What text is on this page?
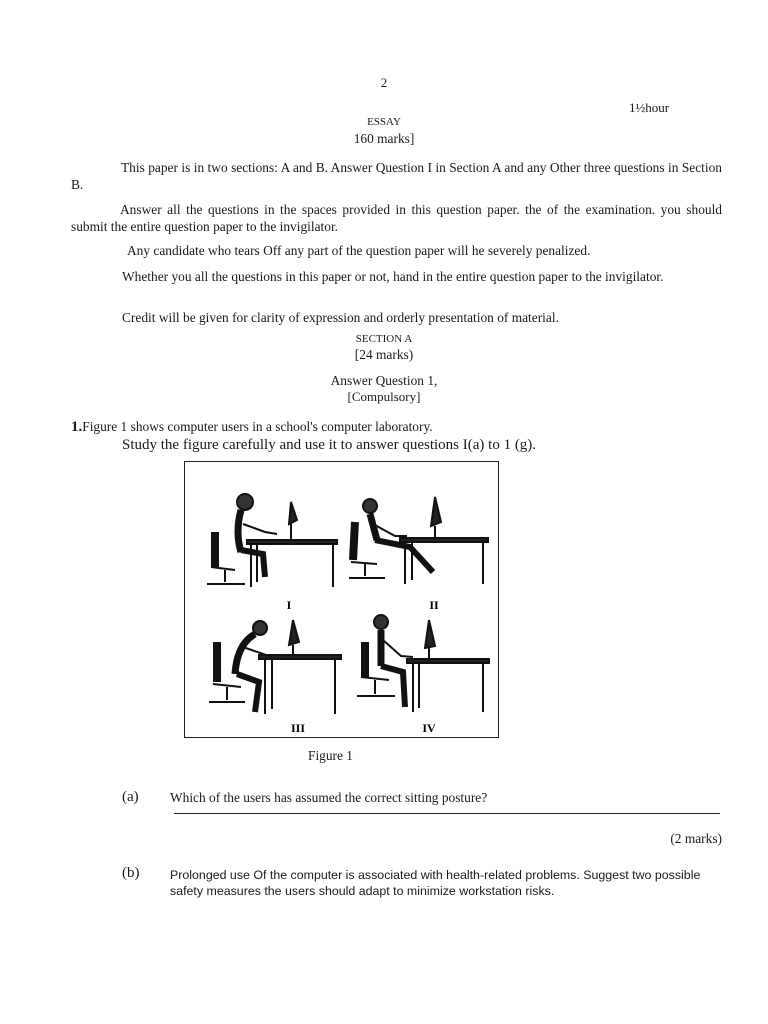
2
1½hour
ESSAY
160 marks]
This paper is in two sections: A and B. Answer Question I in Section A and any Other three questions in Section B.
Answer all the questions in the spaces provided in this question paper. the of the examination. you should submit the entire question paper to the invigilator.
Any candidate who tears Off any part of the question paper will he severely penalized.
Whether you all the questions in this paper or not, hand in the entire question paper to the invigilator.
Credit will be given for clarity of expression and orderly presentation of material.
SECTION A
[24 marks)
Answer Question 1,
[Compulsory]
1.Figure 1 shows computer users in a school's computer laboratory.
Study the figure carefully and use it to answer questions I(a) to 1 (g).
I	II
III	IV
Figure 1
(a) Which of the users has assumed the correct sitting posture?
(2 marks)
(b) Prolonged use Of the computer is associated with health-related problems. Suggest two possible safety measures the users should adapt to minimize workstation risks.
